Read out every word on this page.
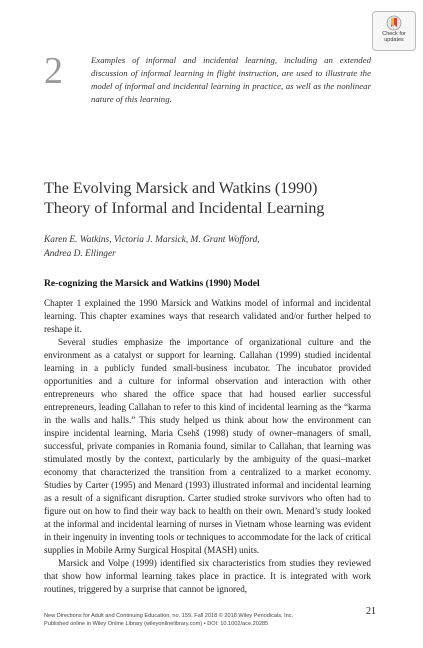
Check for
updates
2	Examples of informal and incidental learning, including an extended discussion of informal learning in flight instruction, are used to illustrate the model of informal and incidental learning in practice, as well as the nonlinear nature of this learning.
The Evolving Marsick and Watkins (1990)
Theory of Informal and Incidental Learning
Karen E. Watkins, Victoria J. Marsick, M. Grant Wofford,
Andrea D. Ellinger
Re-cognizing the Marsick and Watkins (1990) Model

Chapter 1 explained the 1990 Marsick and Watkins model of informal and incidental learning. This chapter examines ways that research validated and/or further helped to reshape it.

Several studies emphasize the importance of organizational culture and the environment as a catalyst or support for learning. Callahan (1999) studied incidental learning in a publicly funded small-business incubator. The incubator provided opportunities and a culture for informal observation and interaction with other entrepreneurs who shared the office space that had housed earlier successful entrepreneurs, leading Callahan to refer to this kind of incidental learning as the “karma in the walls and halls.” This study helped us think about how the environment can inspire incidental learning. Maria Csehš (1998) study of owner–managers of small, successful, private companies in Romania found, similar to Callahan, that learning was stimulated mostly by the context, particularly by the ambiguity of the quasi–market economy that characterized the transition from a centralized to a market economy. Studies by Carter (1995) and Menard (1993) illustrated informal and incidental learning as a result of a significant disruption. Carter studied stroke survivors who often had to figure out on how to find their way back to health on their own. Menard’s study looked at the informal and incidental learning of nurses in Vietnam whose learning was evident in their ingenuity in inventing tools or techniques to accommodate for the lack of critical supplies in Mobile Army Surgical Hospital (MASH) units.

Marsick and Volpe (1999) identified six characteristics from studies they reviewed that show how informal learning takes place in practice. It is integrated with work routines, triggered by a surprise that cannot be ignored,

New Directions for Adult and Continuing Education, no. 159, Fall 2018 © 2018 Wiley Periodicals, Inc.
Published online in Wiley Online Library (wileyonlinelibrary.com) • DOI: 10.1002/ace.20285
21
